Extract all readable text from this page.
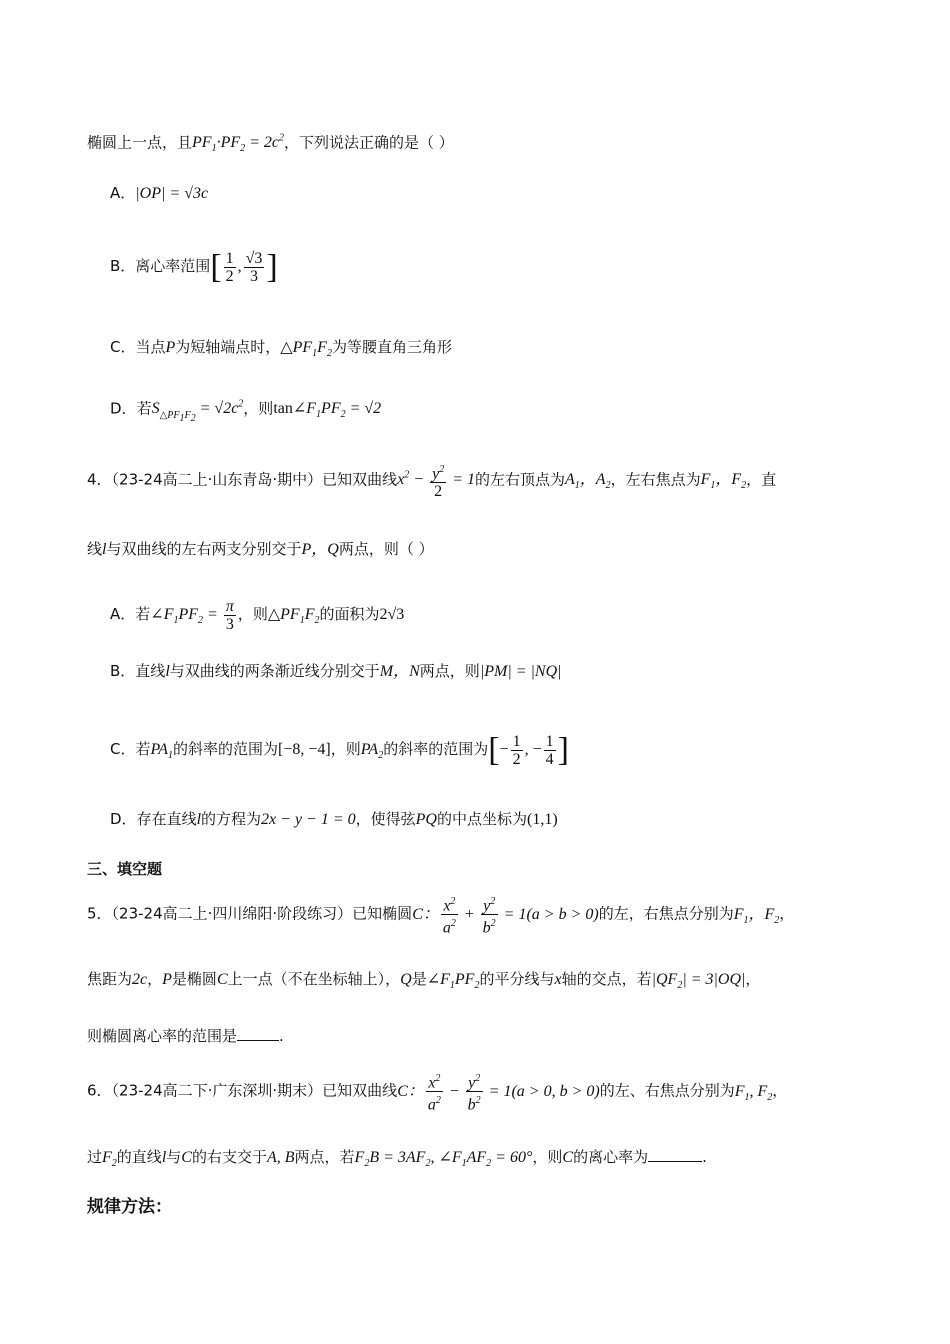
椭圆上一点，且$PF_1\cdot PF_2 = 2c^2$，下列说法正确的是（ ）
A．|OP| = √3c
B．离心率范围[ $\frac{1}{2}$ , $\frac{√3}{3}$ ]
C．当点P为短轴端点时，$\triangle PF_1F_2$为等腰直角三角形
D．若$S_{\triangle PF_1F_2} = √2c^2$，则$\tan\angle F_1PF_2 = √2$
4．（23-24高二上·山东青岛·期中）已知双曲线$x^2 - \frac{y^2}{2} = 1$的左右顶点为$A_1$，$A_2$，左右焦点为$F_1$，$F_2$，直
线l与双曲线的左右两支分别交于P，Q两点，则（ ）
A．若$\angle F_1PF_2 = \frac{\pi}{3}$ ，则$\triangle PF_1F_2$的面积为2√3
B．直线l与双曲线的两条渐近线分别交于M，N两点，则|PM| = |NQ|
C．若$PA_1$的斜率的范围为[−8, −4]，则$PA_2$的斜率的范围为[− $\frac{1}{2}$ , − $\frac{1}{4}$ ]
D．存在直线l的方程为2x − y − 1 = 0，使得弦PQ的中点坐标为(1,1)
三、填空题
5．（23-24高二上·四川绵阳·阶段练习）已知椭圆C： $\frac{x^2}{a^2} + \frac{y^2}{b^2} = 1(a > b > 0)$的左，右焦点分别为$F_1$，$F_2$，
焦距为2c，P是椭圆C上一点（不在坐标轴上），Q是$\angle F_1PF_2$的平分线与x轴的交点，若$|QF_2| = 3|OQ|$，
则椭圆离心率的范围是	.
6．（23-24高二下·广东深圳·期末）已知双曲线C： $\frac{x^2}{a^2} - \frac{y^2}{b^2} = 1(a > 0$, b > 0)的左、右焦点分别为$F_1$, $F_2$，
过$F_2$的直线l与C的右支交于A, B两点，若$F_2B = 3AF_2$, $\angle F_1AF_2 = 60^\circ$，则C的离心率为	.
规律方法：
